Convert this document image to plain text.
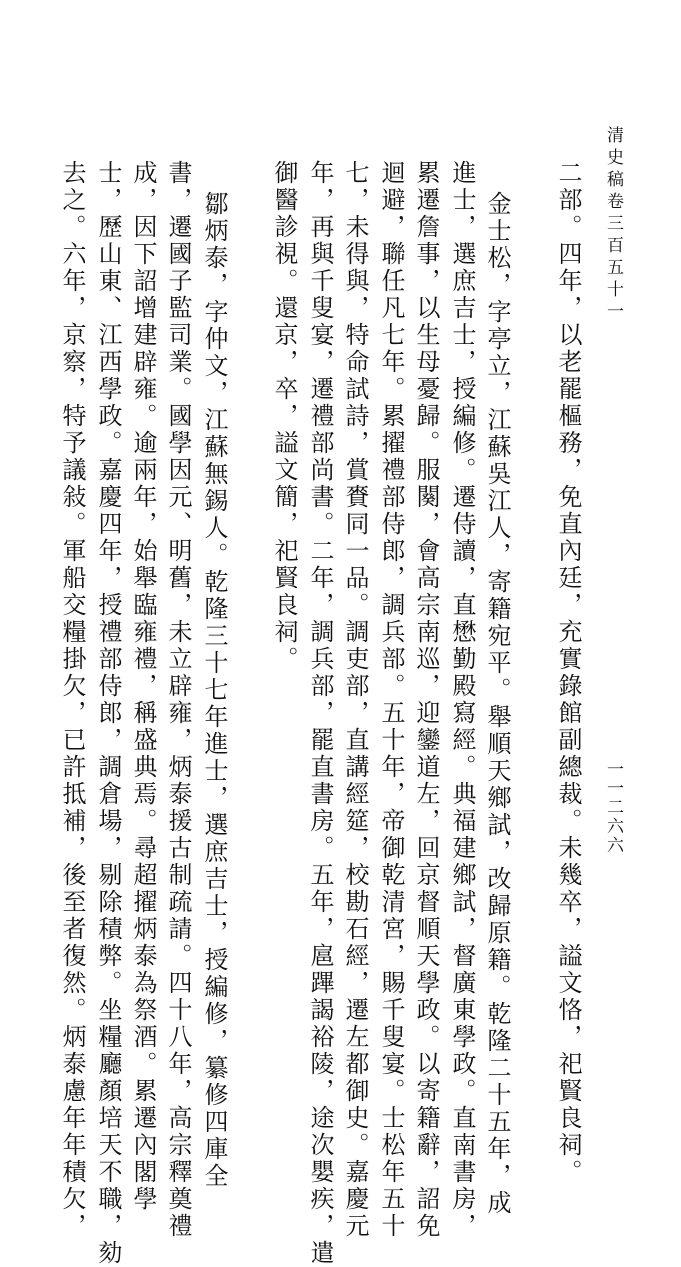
清史稿卷三百五十一
一一二六六
二部。四年，以老罷樞務，免直內廷，充實錄館副總裁。未幾卒，謚文恪，祀賢良祠。
金士松，字亭立，江蘇吳江人，寄籍宛平。舉順天鄉試，改歸原籍。乾隆二十五年，成
進士，選庶吉士，授編修。遷侍讀，直懋勤殿寫經。典福建鄉試，督廣東學政。直南書房，
累遷詹事，以生母憂歸。服闋，會高宗南巡，迎鑾道左，回京督順天學政。以寄籍辭，詔免
迴避，聯任凡七年。累擢禮部侍郎，調兵部。五十年，帝御乾清宮，賜千叟宴。士松年五十
七，未得與，特命試詩，賞賚同一品。調吏部，直講經筵，校勘石經，遷左都御史。嘉慶元
年，再與千叟宴，遷禮部尚書。二年，調兵部，罷直書房。五年，扈蹕謁裕陵，途次嬰疾，遣
御醫診視。還京，卒，謚文簡，祀賢良祠。
鄒炳泰，字仲文，江蘇無錫人。乾隆三十七年進士，選庶吉士，授編修，纂修四庫全
書，遷國子監司業。國學因元、明舊，未立辟雍，炳泰援古制疏請。四十八年，高宗釋奠禮
成，因下詔增建辟雍。逾兩年，始舉臨雍禮，稱盛典焉。尋超擢炳泰為祭酒。累遷內閣學
士，歷山東、江西學政。嘉慶四年，授禮部侍郎，調倉場，剔除積弊。坐糧廳顏培天不職，劾
去之。六年，京察，特予議敍。軍船交糧掛欠，已許抵補，後至者復然。炳泰慮年年積欠，
